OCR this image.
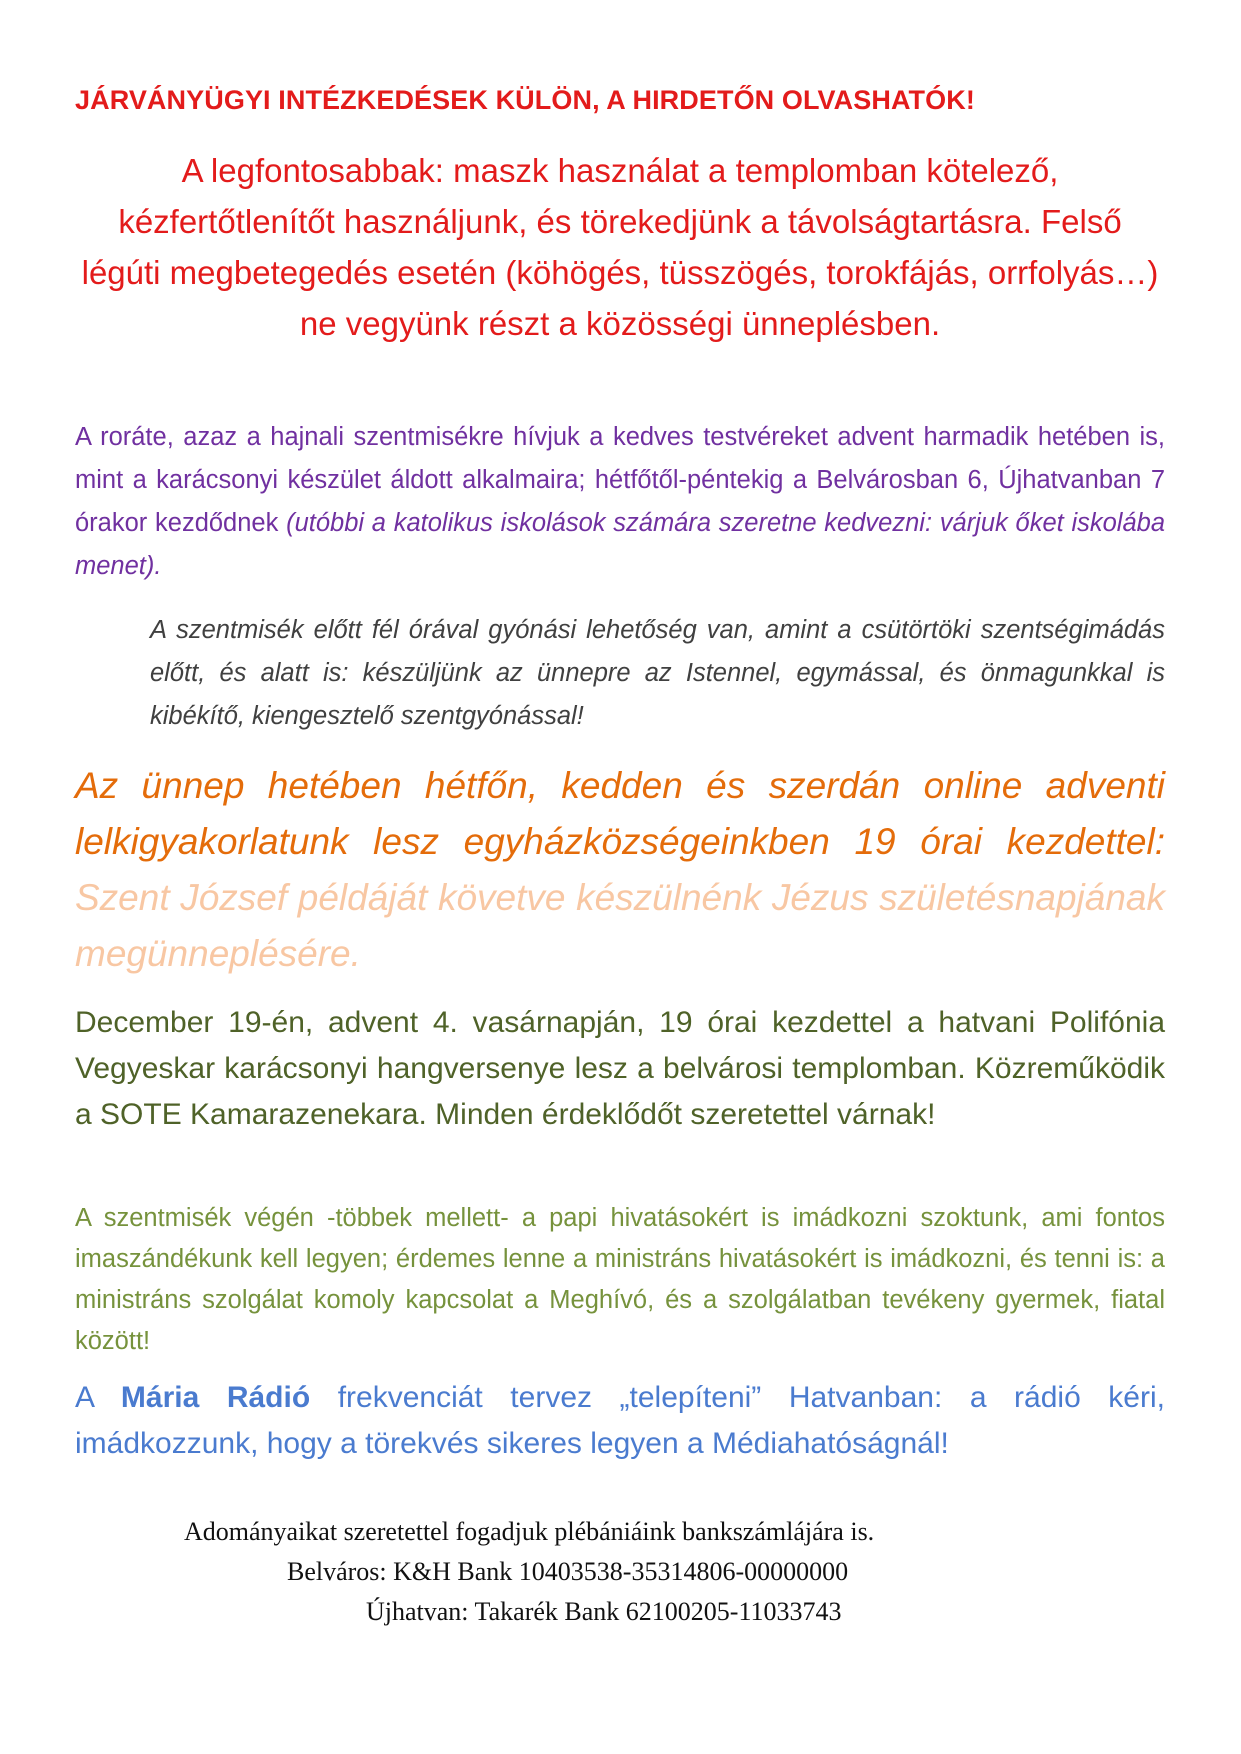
JÁRVÁNYÜGYI INTÉZKEDÉSEK KÜLÖN, A HIRDETŐN OLVASHATÓK!

A legfontosabbak: maszk használat a templomban kötelező, kézfertőtlenítőt használjunk, és törekedjünk a távolságtartásra. Felső légúti megbetegedés esetén (köhögés, tüsszögés, torokfájás, orrfolyás…) ne vegyünk részt a közösségi ünneplésben.

A roráte, azaz a hajnali szentmisékre hívjuk a kedves testvéreket advent harmadik hetében is, mint a karácsonyi készület áldott alkalmaira; hétfőtől-péntekig a Belvárosban 6, Újhatvanban 7 órakor kezdődnek (utóbbi a katolikus iskolások számára szeretne kedvezni: várjuk őket iskolába menet).

A szentmisék előtt fél órával gyónási lehetőség van, amint a csütörtöki szentségimádás előtt, és alatt is: készüljünk az ünnepre az Istennel, egymással, és önmagunkkal is kibékítő, kiengesztelő szentgyónással!

Az ünnep hetében hétfőn, kedden és szerdán online adventi lelkigyakorlatunk lesz egyházközségeinkben 19 órai kezdettel: Szent József példáját követve készülnénk Jézus születésnapjának megünneplésére.

December 19-én, advent 4. vasárnapján, 19 órai kezdettel a hatvani Polifónia Vegyeskar karácsonyi hangversenye lesz a belvárosi templomban. Közreműködik a SOTE Kamarazenekara. Minden érdeklődőt szeretettel várnak!

A szentmisék végén -többek mellett- a papi hivatásokért is imádkozni szoktunk, ami fontos imaszándékunk kell legyen; érdemes lenne a ministráns hivatásokért is imádkozni, és tenni is: a ministráns szolgálat komoly kapcsolat a Meghívó, és a szolgálatban tevékeny gyermek, fiatal között!

A Mária Rádió frekvenciát tervez „telepíteni” Hatvanban: a rádió kéri, imádkozzunk, hogy a törekvés sikeres legyen a Médiahatóságnál!

Adományaikat szeretettel fogadjuk plébániáink bankszámlájára is.
Belváros: K&H Bank 10403538-35314806-00000000
Újhatvan: Takarék Bank 62100205-11033743
